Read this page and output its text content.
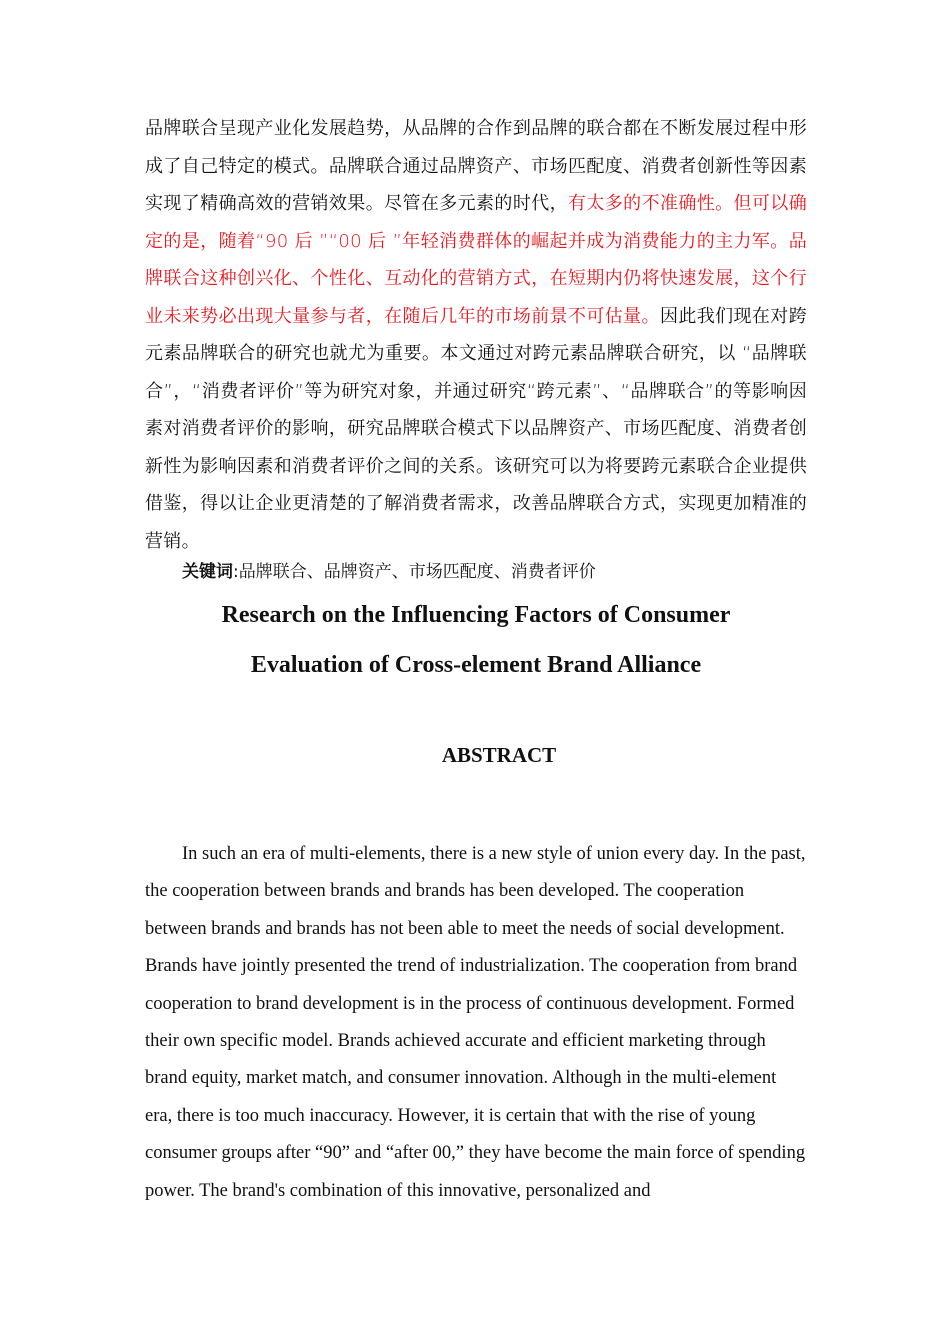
品牌联合呈现产业化发展趋势，从品牌的合作到品牌的联合都在不断发展过程中形成了自己特定的模式。品牌联合通过品牌资产、市场匹配度、消费者创新性等因素实现了精确高效的营销效果。尽管在多元素的时代，有太多的不准确性。但可以确定的是，随着“90 后 ”“00 后 ”年轻消费群体的崛起并成为消费能力的主力军。品牌联合这种创兴化、个性化、互动化的营销方式，在短期内仍将快速发展，这个行业未来势必出现大量参与者，在随后几年的市场前景不可估量。因此我们现在对跨元素品牌联合的研究也就尤为重要。本文通过对跨元素品牌联合研究，以 “品牌联合”，“消费者评价”等为研究对象，并通过研究“跨元素”、“品牌联合”的等影响因素对消费者评价的影响，研究品牌联合模式下以品牌资产、市场匹配度、消费者创新性为影响因素和消费者评价之间的关系。该研究可以为将要跨元素联合企业提供借鉴，得以让企业更清楚的了解消费者需求，改善品牌联合方式，实现更加精准的营销。

关键词:品牌联合、品牌资产、市场匹配度、消费者评价

Research on the Influencing Factors of Consumer
Evaluation of Cross-element Brand Alliance
ABSTRACT

In such an era of multi-elements, there is a new style of union every day. In the past, the cooperation between brands and brands has been developed. The cooperation between brands and brands has not been able to meet the needs of social development. Brands have jointly presented the trend of industrialization. The cooperation from brand cooperation to brand development is in the process of continuous development. Formed their own specific model. Brands achieved accurate and efficient marketing through brand equity, market match, and consumer innovation. Although in the multi-element era, there is too much inaccuracy. However, it is certain that with the rise of young consumer groups after “90” and “after 00,” they have become the main force of spending power. The brand's combination of this innovative, personalized and
